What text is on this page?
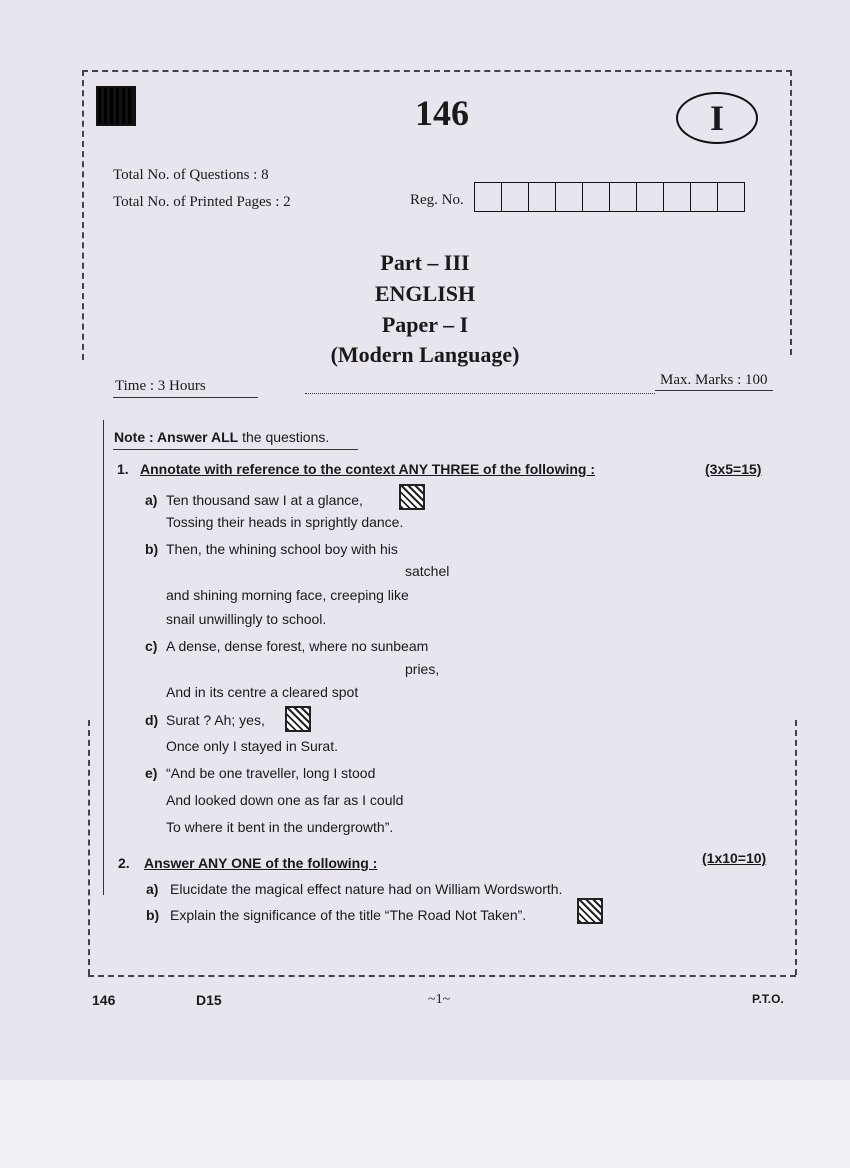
146	I
Total No. of Questions : 8
Total No. of Printed Pages : 2	Reg. No.
Part – III
ENGLISH
Paper – I
(Modern Language)
Time : 3 Hours	Max. Marks : 100
Note : Answer ALL the questions.
1. Annotate with reference to the context ANY THREE of the following :	(3x5=15)
a) Ten thousand saw I at a glance,
Tossing their heads in sprightly dance.
b) Then, the whining school boy with his
satchel
and shining morning face, creeping like
snail unwillingly to school.
c) A dense, dense forest, where no sunbeam
pries,
And in its centre a cleared spot
d) Surat ? Ah; yes,
Once only I stayed in Surat.
e) “And be one traveller, long I stood
And looked down one as far as I could
To where it bent in the undergrowth”.
2. Answer ANY ONE of the following :	(1x10=10)
a) Elucidate the magical effect nature had on William Wordsworth.
b) Explain the significance of the title “The Road Not Taken”.
146	D15	~1~	P.T.O.
